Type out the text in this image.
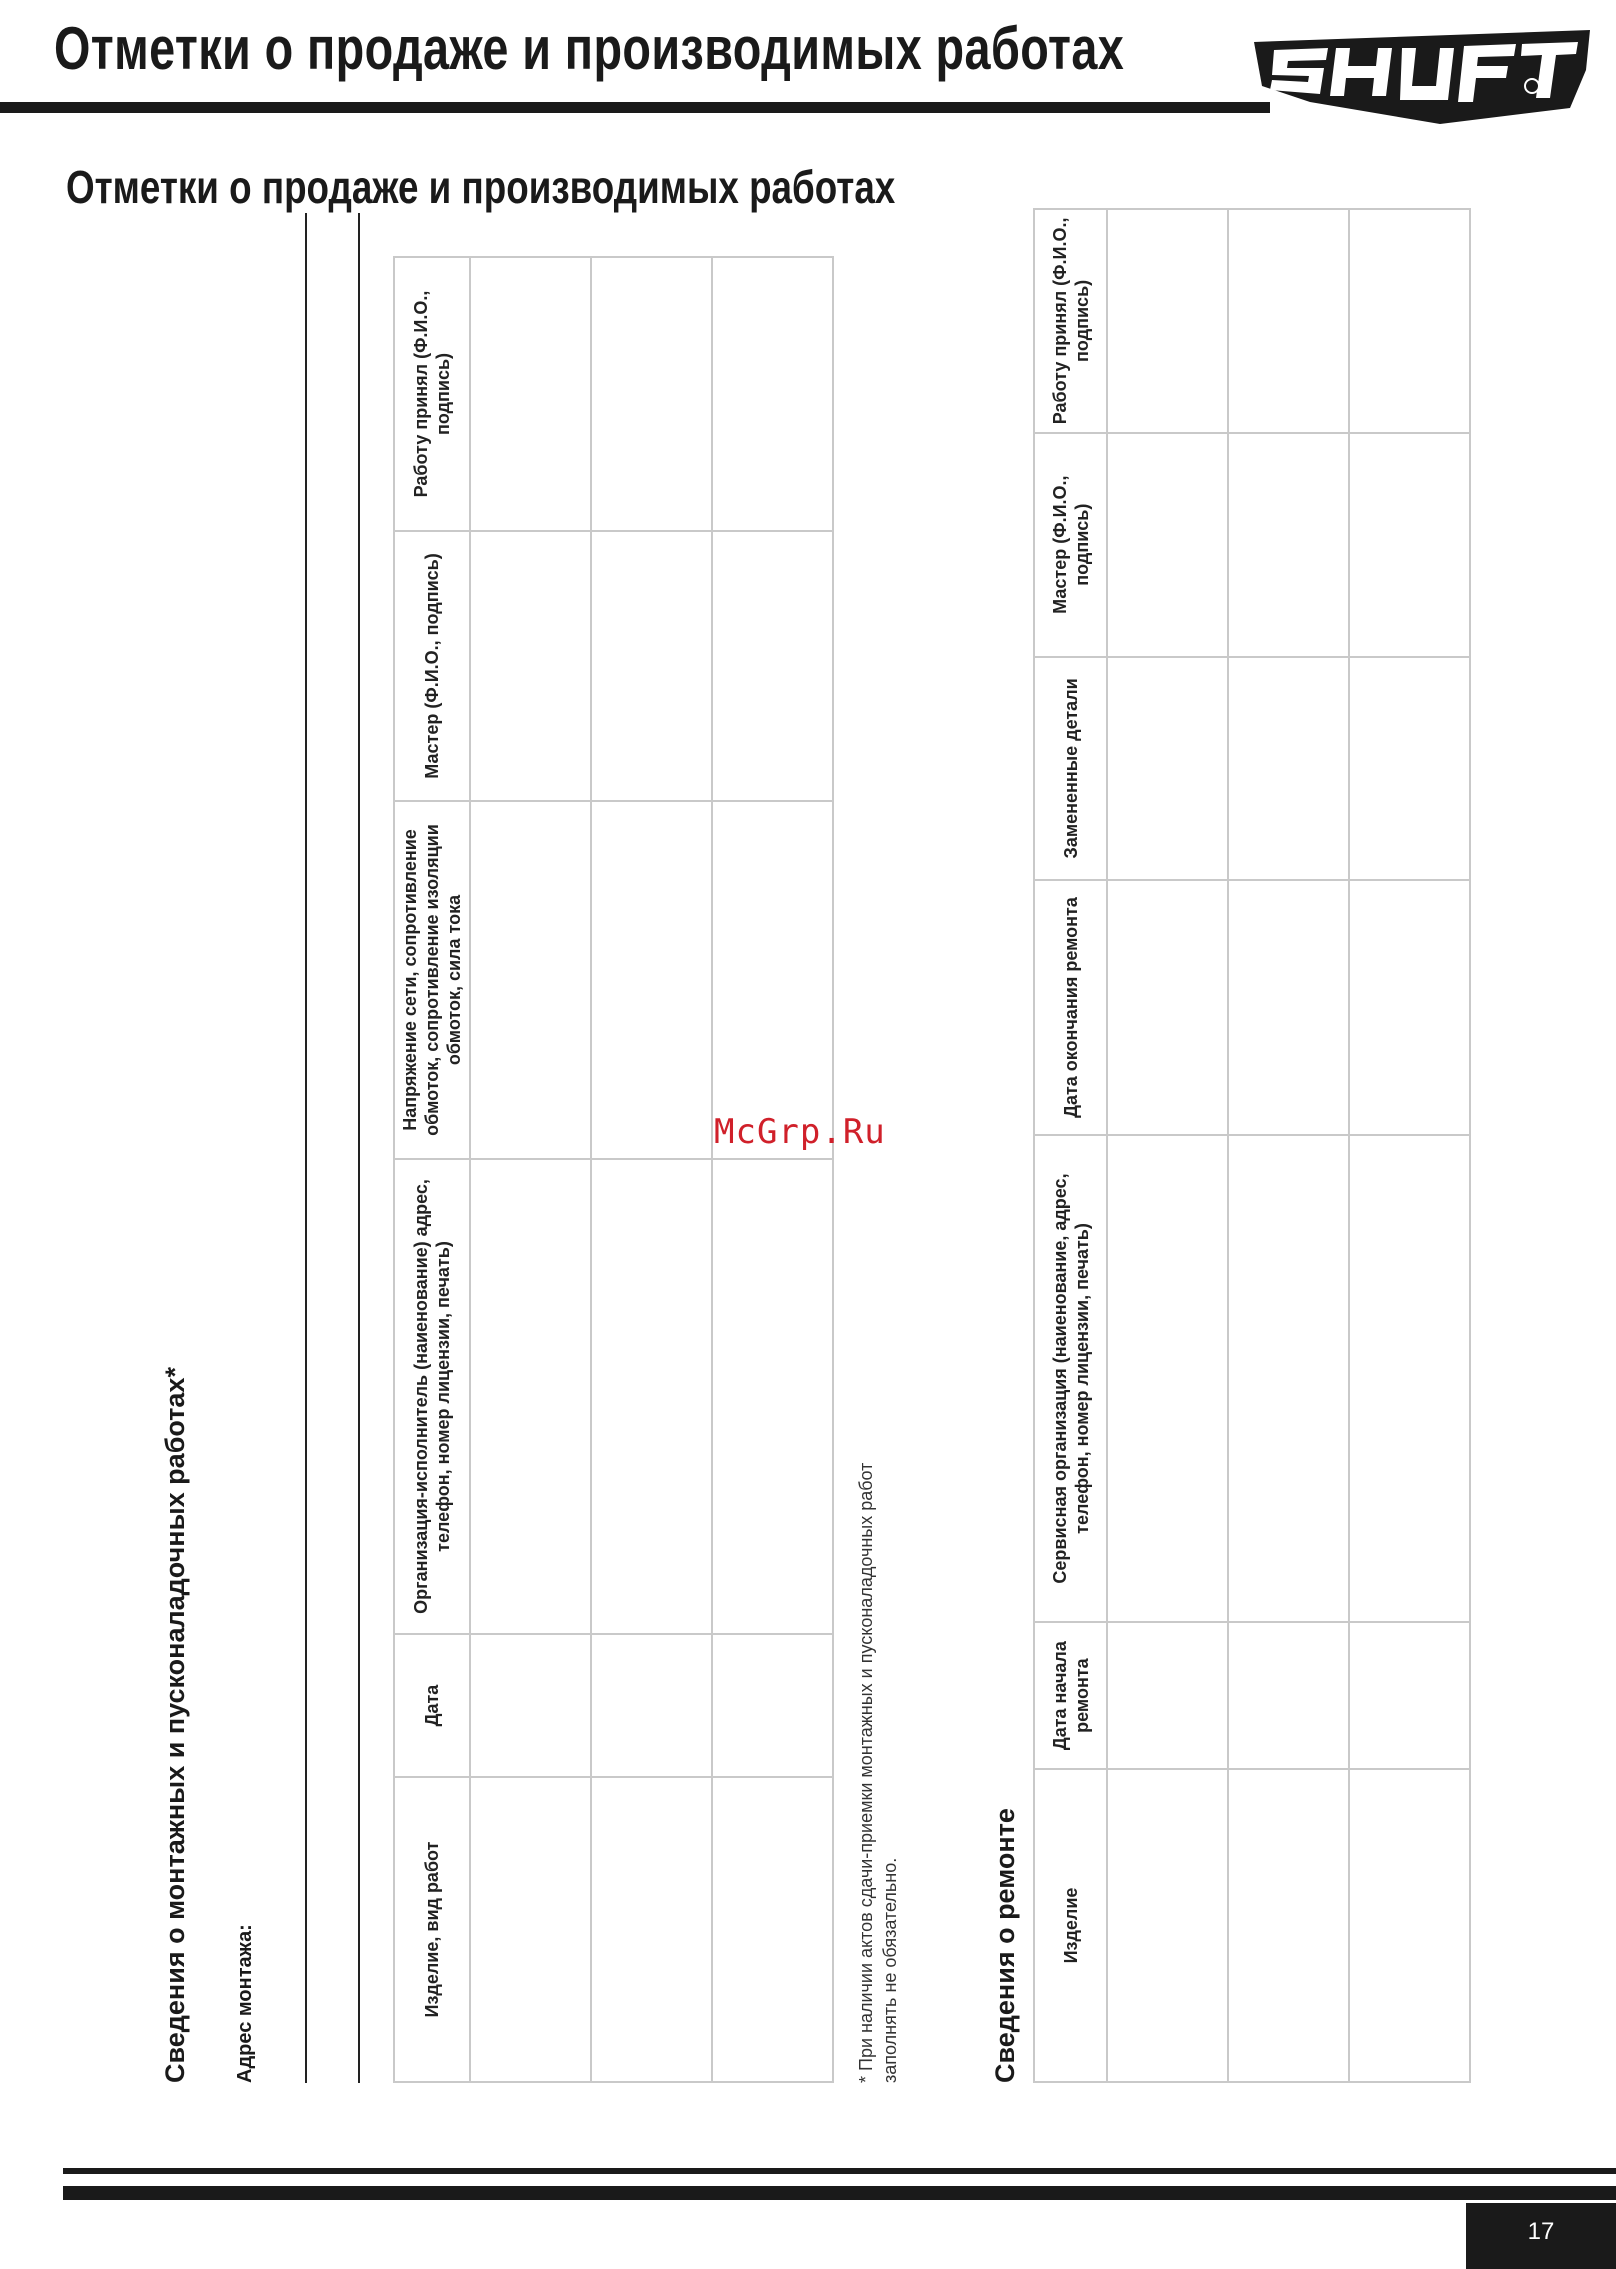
Отметки о продаже и производимых работах
Отметки о продаже и производимых работах
Сведения о монтажных и пусконаладочных работах* Адрес монтажа:	Изделие, вид работ	Дата	Организация-исполнитель (наиенование) адрес, телефон, номер лицензии, печать)	Напряжение сети, сопротивление обмоток, сопротивление изоляции обмоток, сила тока	Мастер (Ф.И.О., подпись)	Работу принял (Ф.И.О., подпись)

* При наличии актов сдачи-приемки монтажных и пусконаладочных работ заполнять не обязательно.	Сведения о ремонте Изделие	Дата начала ремонта	Сервисная организация (наиенование, адрес, телефон, номер лицензии, печать)	Дата окончания ремонта	Замененные детали	Мастер (Ф.И.О., подпись)	Работу принял (Ф.И.О., подпись)

McGrp.Ru
17
